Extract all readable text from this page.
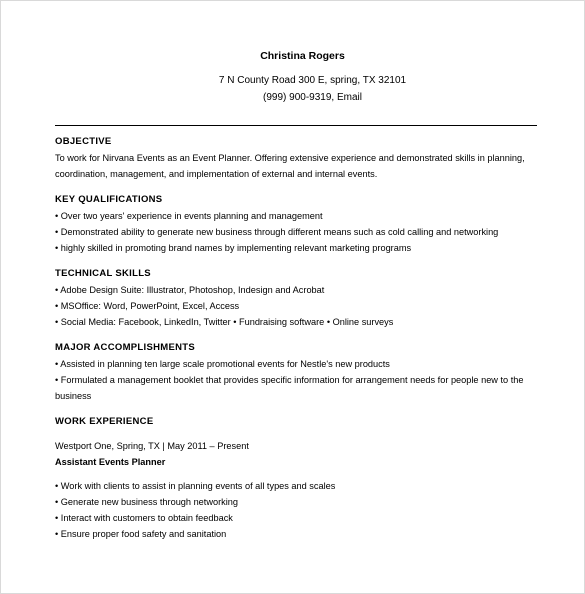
Christina Rogers
7 N County Road 300 E, spring, TX 32101
(999) 900-9319, Email
OBJECTIVE
To work for Nirvana Events as an Event Planner. Offering extensive experience and demonstrated skills in planning, coordination, management, and implementation of external and internal events.
KEY QUALIFICATIONS
• Over two years' experience in events planning and management
• Demonstrated ability to generate new business through different means such as cold calling and networking
• highly skilled in promoting brand names by implementing relevant marketing programs
TECHNICAL SKILLS
• Adobe Design Suite: Illustrator, Photoshop, Indesign and Acrobat
• MSOffice: Word, PowerPoint, Excel, Access
• Social Media: Facebook, LinkedIn, Twitter • Fundraising software • Online surveys
MAJOR ACCOMPLISHMENTS
• Assisted in planning ten large scale promotional events for Nestle's new products
• Formulated a management booklet that provides specific information for arrangement needs for people new to the business
WORK EXPERIENCE
Westport One, Spring, TX | May 2011 – Present
Assistant Events Planner
• Work with clients to assist in planning events of all types and scales
• Generate new business through networking
• Interact with customers to obtain feedback
• Ensure proper food safety and sanitation
